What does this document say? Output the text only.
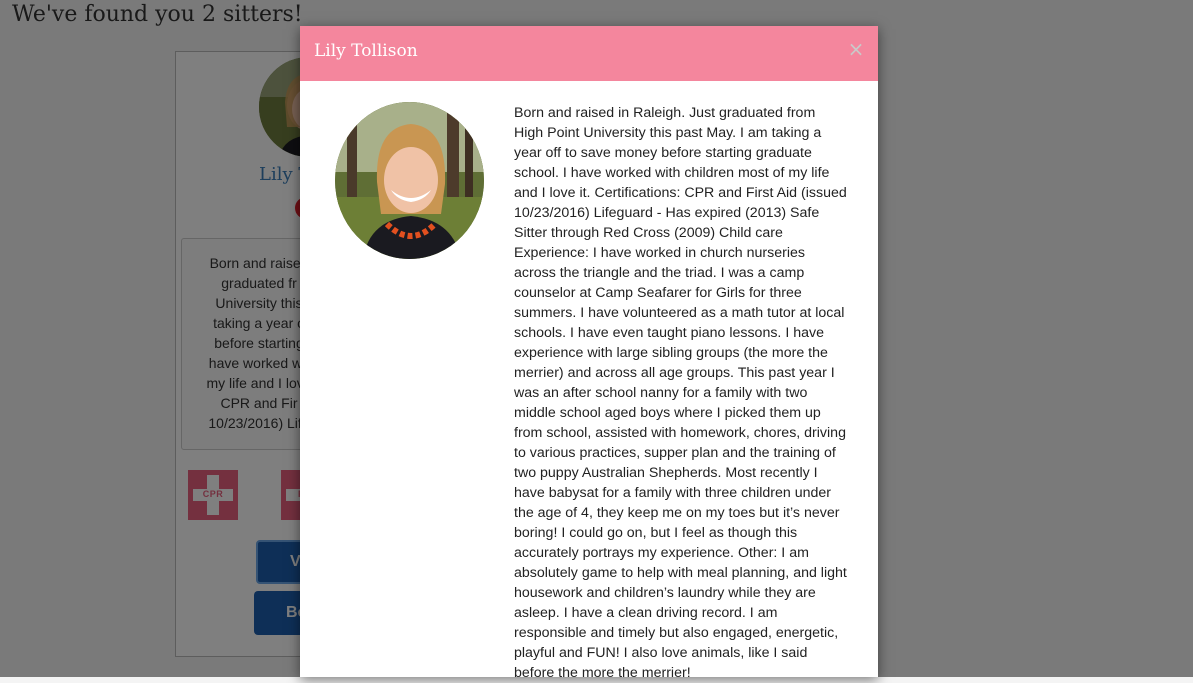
Lily Tollison	×

Born and raised in Raleigh. Just graduated from High Point University this past May. I am taking a year off to save money before starting graduate school. I have worked with children most of my life and I love it. Certifications: CPR and First Aid (issued 10/23/2016) Lifeguard - Has expired (2013) Safe Sitter through Red Cross (2009) Child care Experience: I have worked in church nurseries across the triangle and the triad. I was a camp counselor at Camp Seafarer for Girls for three summers. I have volunteered as a math tutor at local schools. I have even taught piano lessons. I have experience with large sibling groups (the more the merrier) and across all age groups. This past year I was an after school nanny for a family with two middle school aged boys where I picked them up from school, assisted with homework, chores, driving to various practices, supper plan and the training of two puppy Australian Shepherds. Most recently I have babysat for a family with three children under the age of 4, they keep me on my toes but it’s never boring! I could go on, but I feel as though this accurately portrays my experience. Other: I am absolutely game to help with meal planning, and light housework and children’s laundry while they are asleep. I have a clean driving record. I am responsible and timely but also engaged, energetic, playful and FUN! I also love animals, like I said before the more the merrier!
